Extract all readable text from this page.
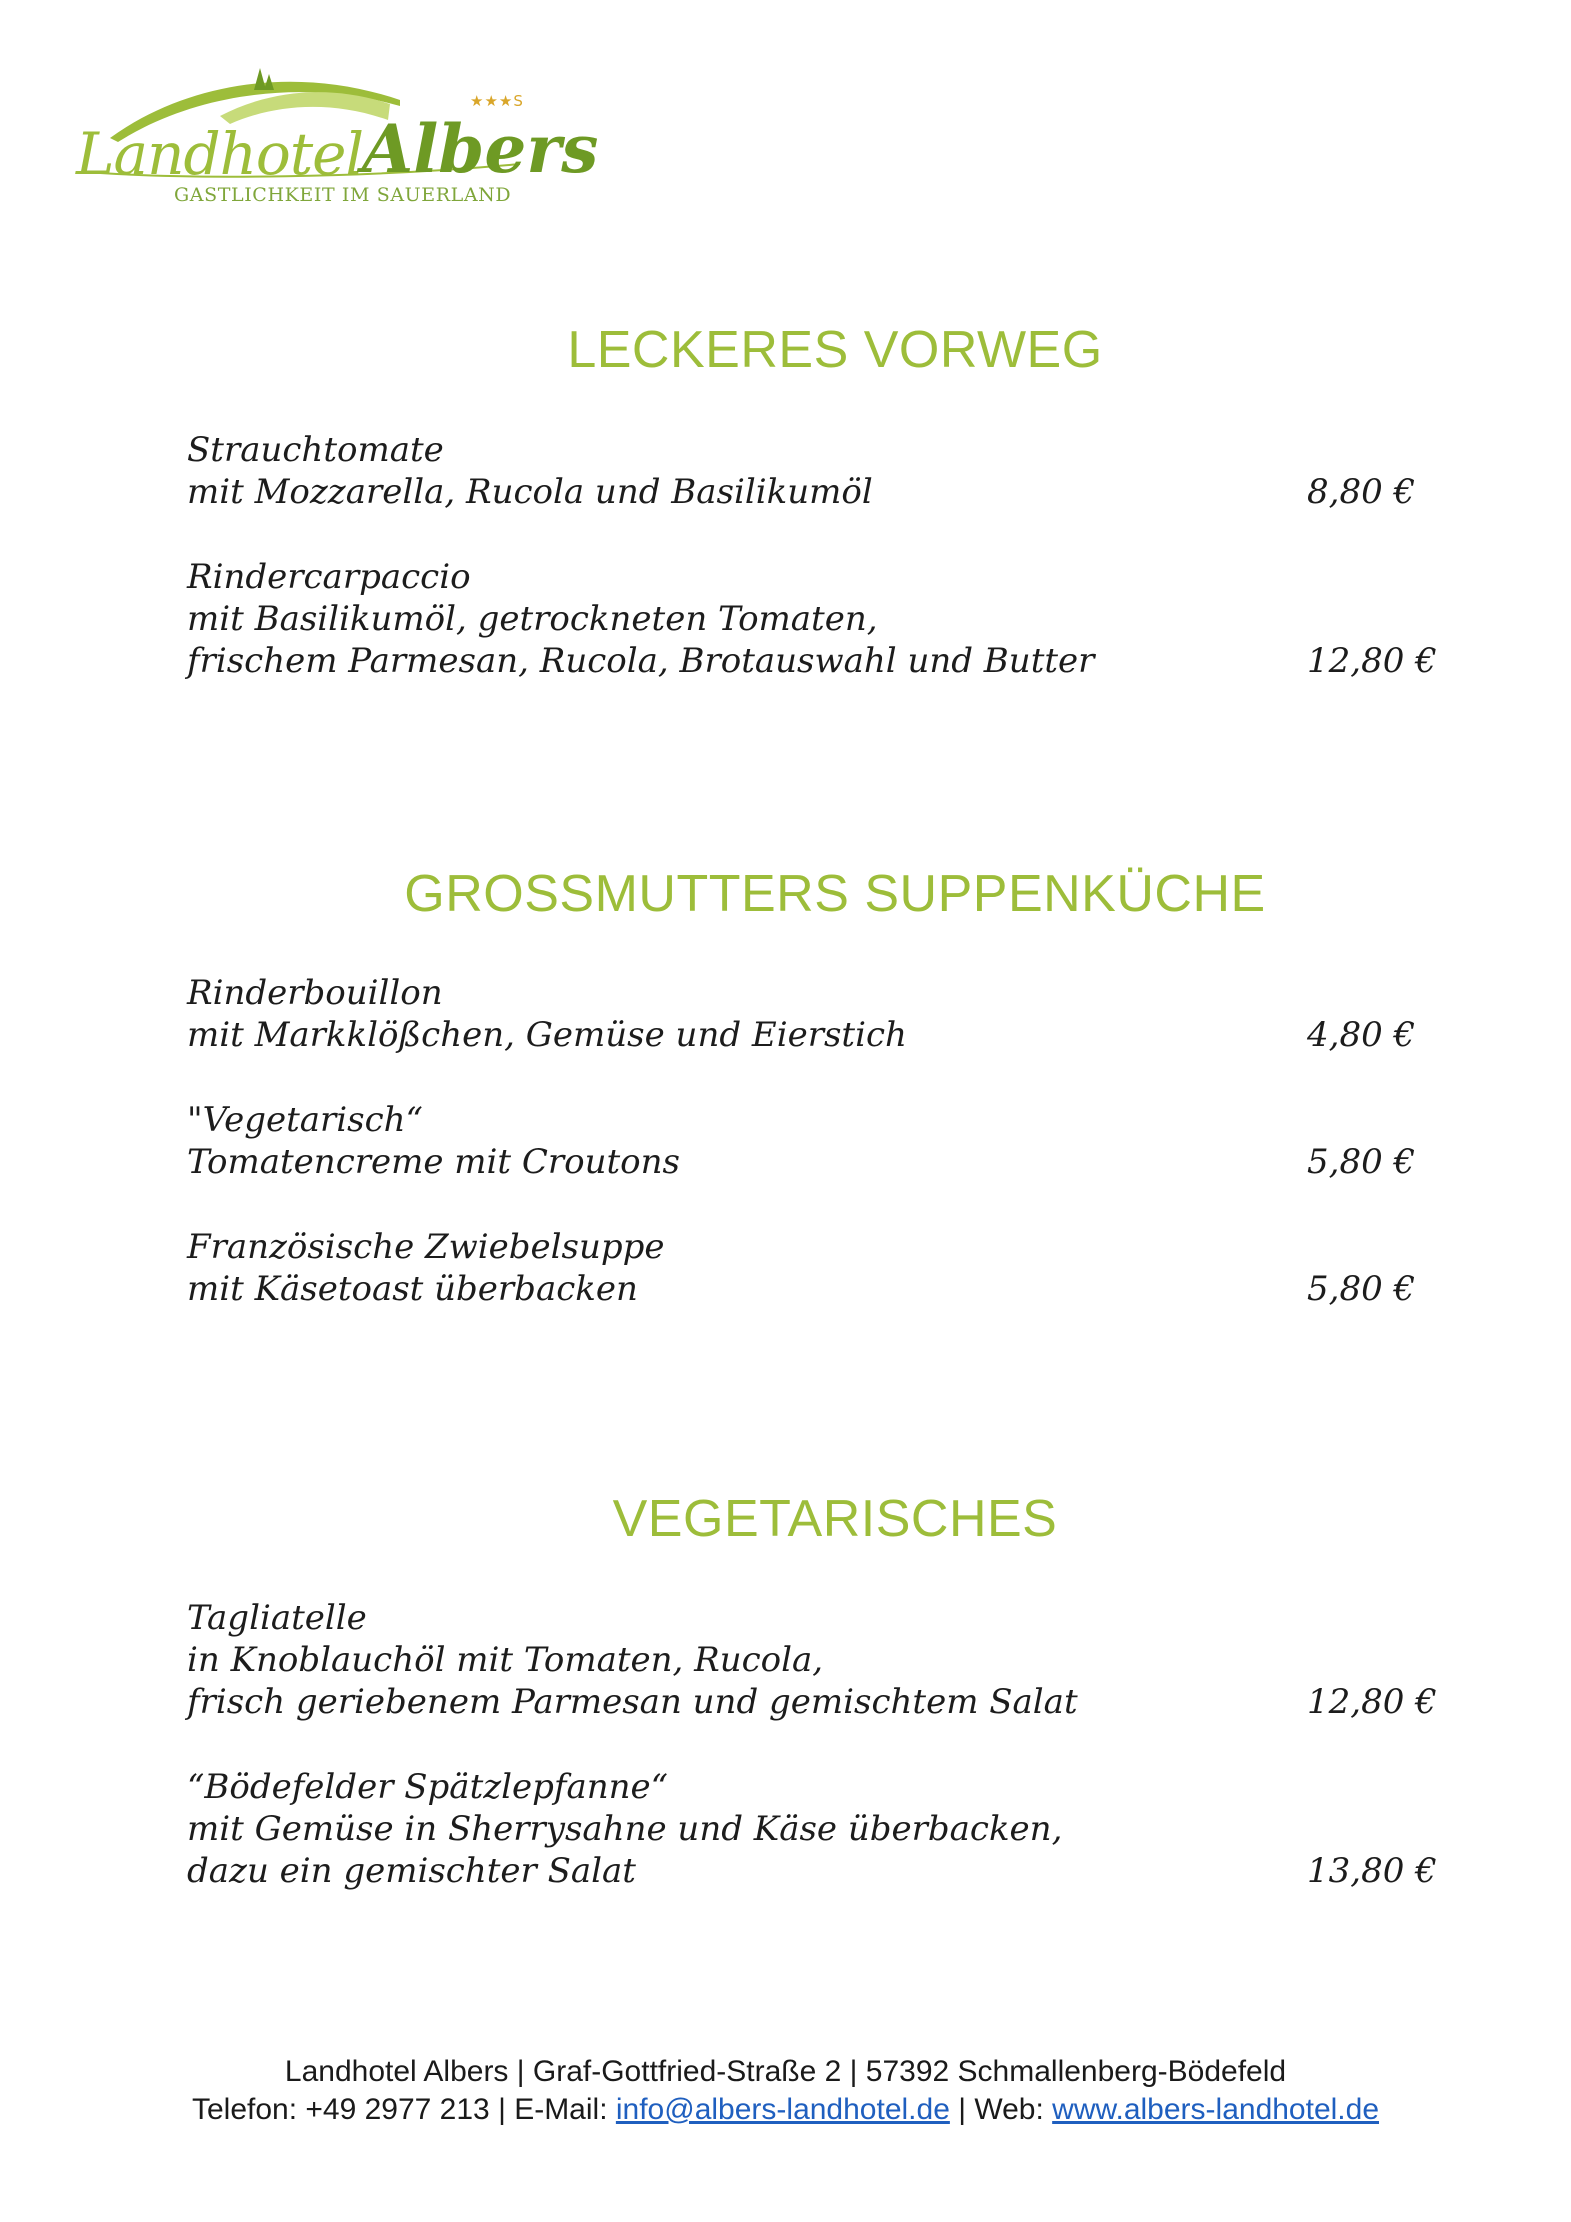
★★★S
Landhotel
Albers
GASTLICHKEIT IM SAUERLAND
LECKERES VORWEG
Strauchtomate
mit Mozzarella, Rucola und Basilikumöl	8,80 €
Rindercarpaccio
mit Basilikumöl, getrockneten Tomaten,
frischem Parmesan, Rucola, Brotauswahl und Butter	12,80 €
GROSSMUTTERS SUPPENKÜCHE
Rinderbouillon
mit Markklößchen, Gemüse und Eierstich	4,80 €
"Vegetarisch“
Tomatencreme mit Croutons	5,80 €
Französische Zwiebelsuppe
mit Käsetoast überbacken	5,80 €
VEGETARISCHES
Tagliatelle
in Knoblauchöl mit Tomaten, Rucola,
frisch geriebenem Parmesan und gemischtem Salat	12,80 €
“Bödefelder Spätzlepfanne“
mit Gemüse in Sherrysahne und Käse überbacken,
dazu ein gemischter Salat	13,80 €
Landhotel Albers | Graf-Gottfried-Straße 2 | 57392 Schmallenberg-Bödefeld
Telefon: +49 2977 213 | E-Mail: info@albers-landhotel.de | Web: www.albers-landhotel.de
